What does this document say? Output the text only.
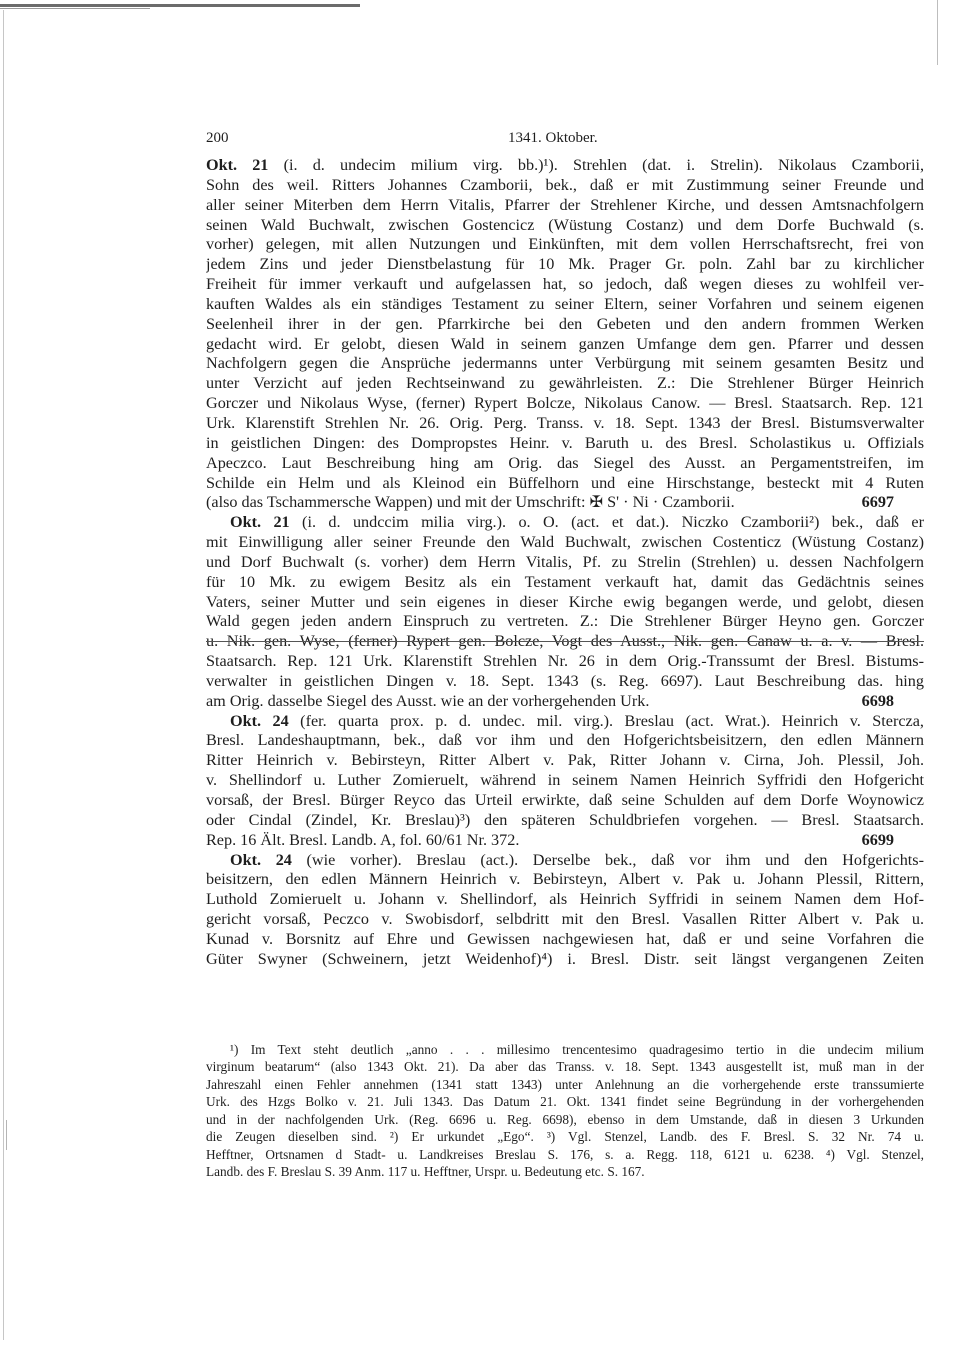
200	1341. Oktober.
Okt. 21 (i. d. undecim milium virg. bb.)¹). Strehlen (dat. i. Strelin). Nikolaus Czamborii,
Sohn des weil. Ritters Johannes Czamborii, bek., daß er mit Zustimmung seiner Freunde und
aller seiner Miterben dem Herrn Vitalis, Pfarrer der Strehlener Kirche, und dessen Amtsnachfolgern
seinen Wald Buchwalt, zwischen Gostencicz (Wüstung Costanz) und dem Dorfe Buchwald (s.
vorher) gelegen, mit allen Nutzungen und Einkünften, mit dem vollen Herrschaftsrecht, frei von
jedem Zins und jeder Dienstbelastung für 10 Mk. Prager Gr. poln. Zahl bar zu kirchlicher
Freiheit für immer verkauft und aufgelassen hat, so jedoch, daß wegen dieses zu wohlfeil ver-
kauften Waldes als ein ständiges Testament zu seiner Eltern, seiner Vorfahren und seinem eigenen
Seelenheil ihrer in der gen. Pfarrkirche bei den Gebeten und den andern frommen Werken
gedacht wird. Er gelobt, diesen Wald in seinem ganzen Umfange dem gen. Pfarrer und dessen
Nachfolgern gegen die Ansprüche jedermanns unter Verbürgung mit seinem gesamten Besitz und
unter Verzicht auf jeden Rechtseinwand zu gewährleisten. Z.: Die Strehlener Bürger Heinrich
Gorczer und Nikolaus Wyse, (ferner) Rypert Bolcze, Nikolaus Canow. — Bresl. Staatsarch. Rep. 121
Urk. Klarenstift Strehlen Nr. 26. Orig. Perg. Transs. v. 18. Sept. 1343 der Bresl. Bistumsverwalter
in geistlichen Dingen: des Dompropstes Heinr. v. Baruth u. des Bresl. Scholastikus u. Offizials
Apeczco. Laut Beschreibung hing am Orig. das Siegel des Ausst. an Pergamentstreifen, im
Schilde ein Helm und als Kleinod ein Büffelhorn und eine Hirschstange, besteckt mit 4 Ruten
(also das Tschammersche Wappen) und mit der Umschrift: ✠ S' · Ni · Czamborii.	6697
Okt. 21 (i. d. undccim milia virg.). o. O. (act. et dat.). Niczko Czamborii²) bek., daß er
mit Einwilligung aller seiner Freunde den Wald Buchwalt, zwischen Costenticz (Wüstung Costanz)
und Dorf Buchwalt (s. vorher) dem Herrn Vitalis, Pf. zu Strelin (Strehlen) u. dessen Nachfolgern
für 10 Mk. zu ewigem Besitz als ein Testament verkauft hat, damit das Gedächtnis seines
Vaters, seiner Mutter und sein eigenes in dieser Kirche ewig begangen werde, und gelobt, diesen
Wald gegen jeden andern Einspruch zu vertreten. Z.: Die Strehlener Bürger Heyno gen. Gorczer
u. Nik. gen. Wyse, (ferner) Rypert gen. Bolcze, Vogt des Ausst., Nik. gen. Canaw u. a. v. — Bresl.
Staatsarch. Rep. 121 Urk. Klarenstift Strehlen Nr. 26 in dem Orig.-Transsumt der Bresl. Bistums-
verwalter in geistlichen Dingen v. 18. Sept. 1343 (s. Reg. 6697). Laut Beschreibung das. hing
am Orig. dasselbe Siegel des Ausst. wie an der vorhergehenden Urk.	6698
Okt. 24 (fer. quarta prox. p. d. undec. mil. virg.). Breslau (act. Wrat.). Heinrich v. Stercza,
Bresl. Landeshauptmann, bek., daß vor ihm und den Hofgerichtsbeisitzern, den edlen Männern
Ritter Heinrich v. Bebirsteyn, Ritter Albert v. Pak, Ritter Johann v. Cirna, Joh. Plessil, Joh.
v. Shellindorf u. Luther Zomieruelt, während in seinem Namen Heinrich Syffridi den Hofgericht
vorsaß, der Bresl. Bürger Reyco das Urteil erwirkte, daß seine Schulden auf dem Dorfe Woynowicz
oder Cindal (Zindel, Kr. Breslau)³) den späteren Schuldbriefen vorgehen. — Bresl. Staatsarch.
Rep. 16 Ält. Bresl. Landb. A, fol. 60/61 Nr. 372.	6699
Okt. 24 (wie vorher). Breslau (act.). Derselbe bek., daß vor ihm und den Hofgerichts-
beisitzern, den edlen Männern Heinrich v. Bebirsteyn, Albert v. Pak u. Johann Plessil, Rittern,
Luthold Zomieruelt u. Johann v. Shellindorf, als Heinrich Syffridi in seinem Namen dem Hof-
gericht vorsaß, Peczco v. Swobisdorf, selbdritt mit den Bresl. Vasallen Ritter Albert v. Pak u.
Kunad v. Borsnitz auf Ehre und Gewissen nachgewiesen hat, daß er und seine Vorfahren die
Güter Swyner (Schweinern, jetzt Weidenhof)⁴) i. Bresl. Distr. seit längst vergangenen Zeiten
¹) Im Text steht deutlich „anno . . . millesimo trencentesimo quadragesimo tertio in die undecim milium
virginum beatarum“ (also 1343 Okt. 21). Da aber das Transs. v. 18. Sept. 1343 ausgestellt ist, muß man in der
Jahreszahl einen Fehler annehmen (1341 statt 1343) unter Anlehnung an die vorhergehende erste transsumierte
Urk. des Hzgs Bolko v. 21. Juli 1343. Das Datum 21. Okt. 1341 findet seine Begründung in der vorhergehenden
und in der nachfolgenden Urk. (Reg. 6696 u. Reg. 6698), ebenso in dem Umstande, daß in diesen 3 Urkunden
die Zeugen dieselben sind. ²) Er urkundet „Ego“. ³) Vgl. Stenzel, Landb. des F. Bresl. S. 32 Nr. 74 u.
Hefftner, Ortsnamen d Stadt- u. Landkreises Breslau S. 176, s. a. Regg. 118, 6121 u. 6238. ⁴) Vgl. Stenzel,
Landb. des F. Breslau S. 39 Anm. 117 u. Hefftner, Urspr. u. Bedeutung etc. S. 167.
